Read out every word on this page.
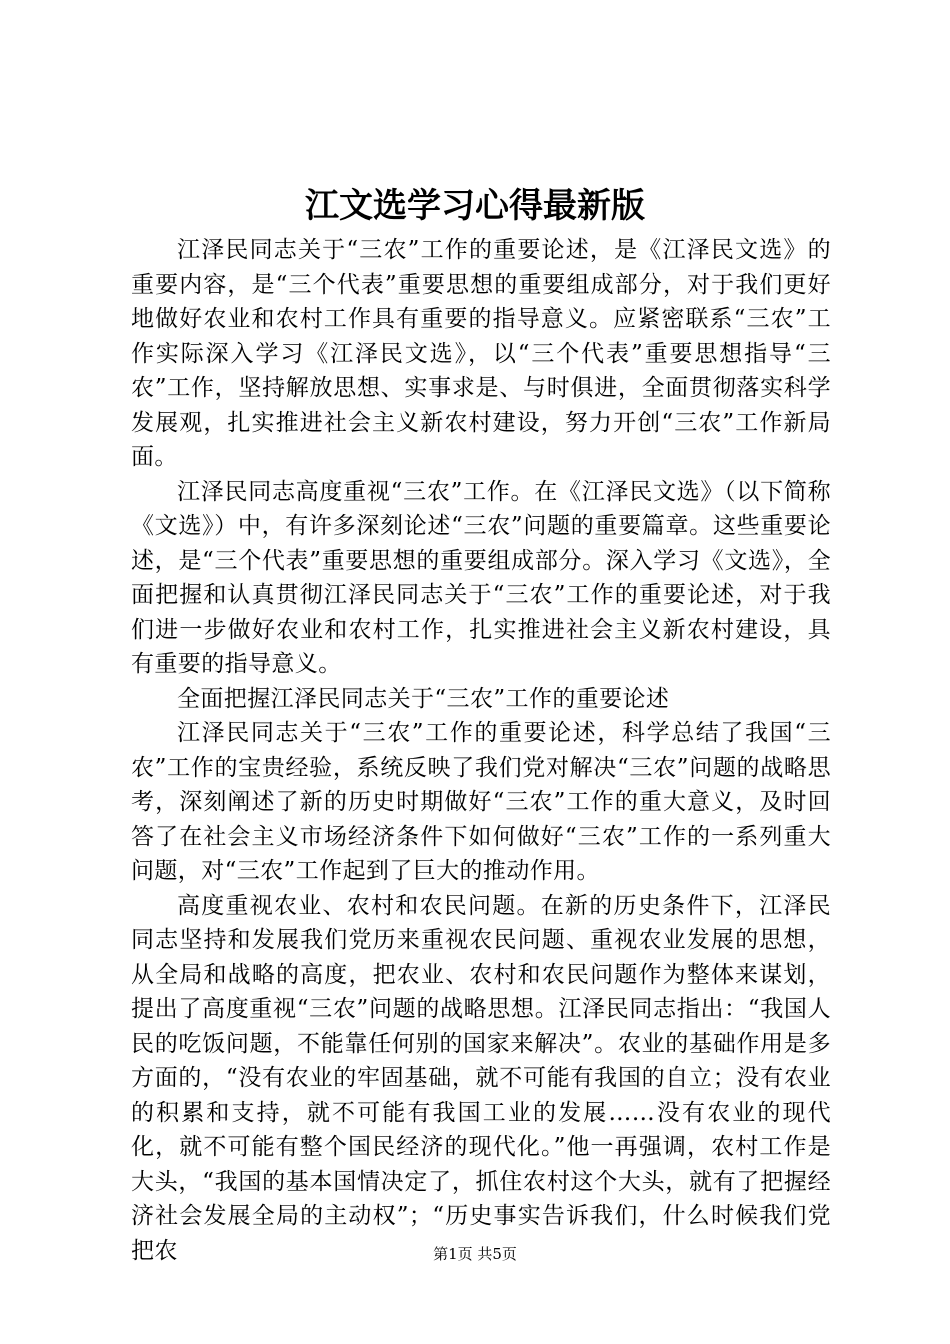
江文选学习心得最新版

江泽民同志关于“三农”工作的重要论述，是《江泽民文选》的重要内容，是“三个代表”重要思想的重要组成部分，对于我们更好地做好农业和农村工作具有重要的指导意义。应紧密联系“三农”工作实际深入学习《江泽民文选》，以“三个代表”重要思想指导“三农”工作，坚持解放思想、实事求是、与时俱进，全面贯彻落实科学发展观，扎实推进社会主义新农村建设，努力开创“三农”工作新局面。

江泽民同志高度重视“三农”工作。在《江泽民文选》（以下简称《文选》）中，有许多深刻论述“三农”问题的重要篇章。这些重要论述，是“三个代表”重要思想的重要组成部分。深入学习《文选》，全面把握和认真贯彻江泽民同志关于“三农”工作的重要论述，对于我们进一步做好农业和农村工作，扎实推进社会主义新农村建设，具有重要的指导意义。

全面把握江泽民同志关于“三农”工作的重要论述

江泽民同志关于“三农”工作的重要论述，科学总结了我国“三农”工作的宝贵经验，系统反映了我们党对解决“三农”问题的战略思考，深刻阐述了新的历史时期做好“三农”工作的重大意义，及时回答了在社会主义市场经济条件下如何做好“三农”工作的一系列重大问题，对“三农”工作起到了巨大的推动作用。

高度重视农业、农村和农民问题。在新的历史条件下，江泽民同志坚持和发展我们党历来重视农民问题、重视农业发展的思想，从全局和战略的高度，把农业、农村和农民问题作为整体来谋划，提出了高度重视“三农”问题的战略思想。江泽民同志指出：“我国人民的吃饭问题，不能靠任何别的国家来解决”。农业的基础作用是多方面的，“没有农业的牢固基础，就不可能有我国的自立；没有农业的积累和支持，就不可能有我国工业的发展……没有农业的现代化，就不可能有整个国民经济的现代化。”他一再强调，农村工作是大头，“我国的基本国情决定了，抓住农村这个大头，就有了把握经济社会发展全局的主动权”；“历史事实告诉我们，什么时候我们党把农	第1页 共5页
